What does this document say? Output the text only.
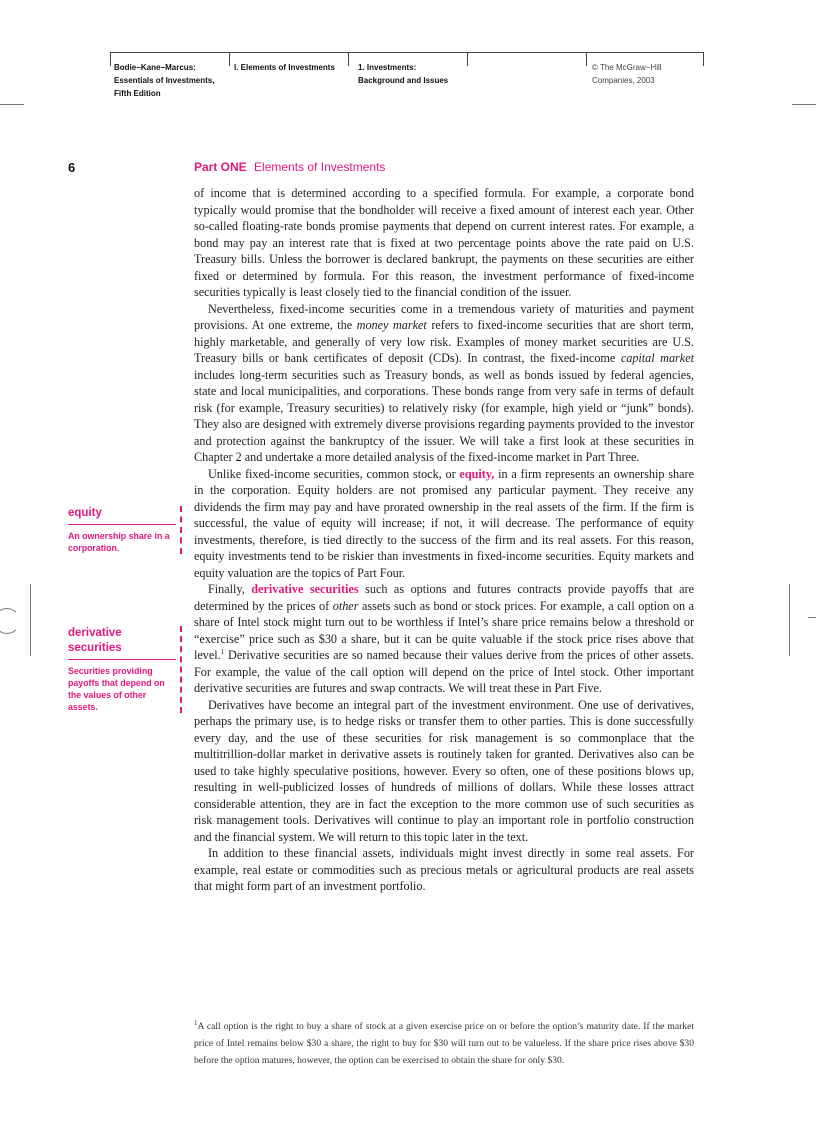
Bodie−Kane−Marcus:
Essentials of Investments,
Fifth Edition
I. Elements of Investments	1. Investments:
Background and Issues
© The McGraw−Hill
Companies, 2003
6	Part ONE Elements of Investments

of income that is determined according to a specified formula. For example, a corporate bond typically would promise that the bondholder will receive a fixed amount of interest each year. Other so-called floating-rate bonds promise payments that depend on current interest rates. For example, a bond may pay an interest rate that is fixed at two percentage points above the rate paid on U.S. Treasury bills. Unless the borrower is declared bankrupt, the payments on these securities are either fixed or determined by formula. For this reason, the investment performance of fixed-income securities typically is least closely tied to the financial condition of the issuer.

Nevertheless, fixed-income securities come in a tremendous variety of maturities and payment provisions. At one extreme, the money market refers to fixed-income securities that are short term, highly marketable, and generally of very low risk. Examples of money market securities are U.S. Treasury bills or bank certificates of deposit (CDs). In contrast, the fixed-income capital market includes long-term securities such as Treasury bonds, as well as bonds issued by federal agencies, state and local municipalities, and corporations. These bonds range from very safe in terms of default risk (for example, Treasury securities) to relatively risky (for example, high yield or “junk” bonds). They also are designed with extremely diverse provisions regarding payments provided to the investor and protection against the bankruptcy of the issuer. We will take a first look at these securities in Chapter 2 and undertake a more detailed analysis of the fixed-income market in Part Three.

Unlike fixed-income securities, common stock, or equity, in a firm represents an ownership share in the corporation. Equity holders are not promised any particular payment. They receive any dividends the firm may pay and have prorated ownership in the real assets of the firm. If the firm is successful, the value of equity will increase; if not, it will decrease. The performance of equity investments, therefore, is tied directly to the success of the firm and its real assets. For this reason, equity investments tend to be riskier than investments in fixed-income securities. Equity markets and equity valuation are the topics of Part Four.

Finally, derivative securities such as options and futures contracts provide payoffs that are determined by the prices of other assets such as bond or stock prices. For example, a call option on a share of Intel stock might turn out to be worthless if Intel’s share price remains below a threshold or “exercise” price such as $30 a share, but it can be quite valuable if the stock price rises above that level.$^1$ Derivative securities are so named because their values derive from the prices of other assets. For example, the value of the call option will depend on the price of Intel stock. Other important derivative securities are futures and swap contracts. We will treat these in Part Five.

Derivatives have become an integral part of the investment environment. One use of derivatives, perhaps the primary use, is to hedge risks or transfer them to other parties. This is done successfully every day, and the use of these securities for risk management is so commonplace that the multitrillion-dollar market in derivative assets is routinely taken for granted. Derivatives also can be used to take highly speculative positions, however. Every so often, one of these positions blows up, resulting in well-publicized losses of hundreds of millions of dollars. While these losses attract considerable attention, they are in fact the exception to the more common use of such securities as risk management tools. Derivatives will continue to play an important role in portfolio construction and the financial system. We will return to this topic later in the text.

In addition to these financial assets, individuals might invest directly in some real assets. For example, real estate or commodities such as precious metals or agricultural products are real assets that might form part of an investment portfolio.

equity
An ownership share in a corporation.
derivative securities
Securities providing payoffs that depend on the values of other assets.
$^1$A call option is the right to buy a share of stock at a given exercise price on or before the option’s maturity date. If the market price of Intel remains below $30 a share, the right to buy for $30 will turn out to be valueless. If the share price rises above $30 before the option matures, however, the option can be exercised to obtain the share for only $30.
